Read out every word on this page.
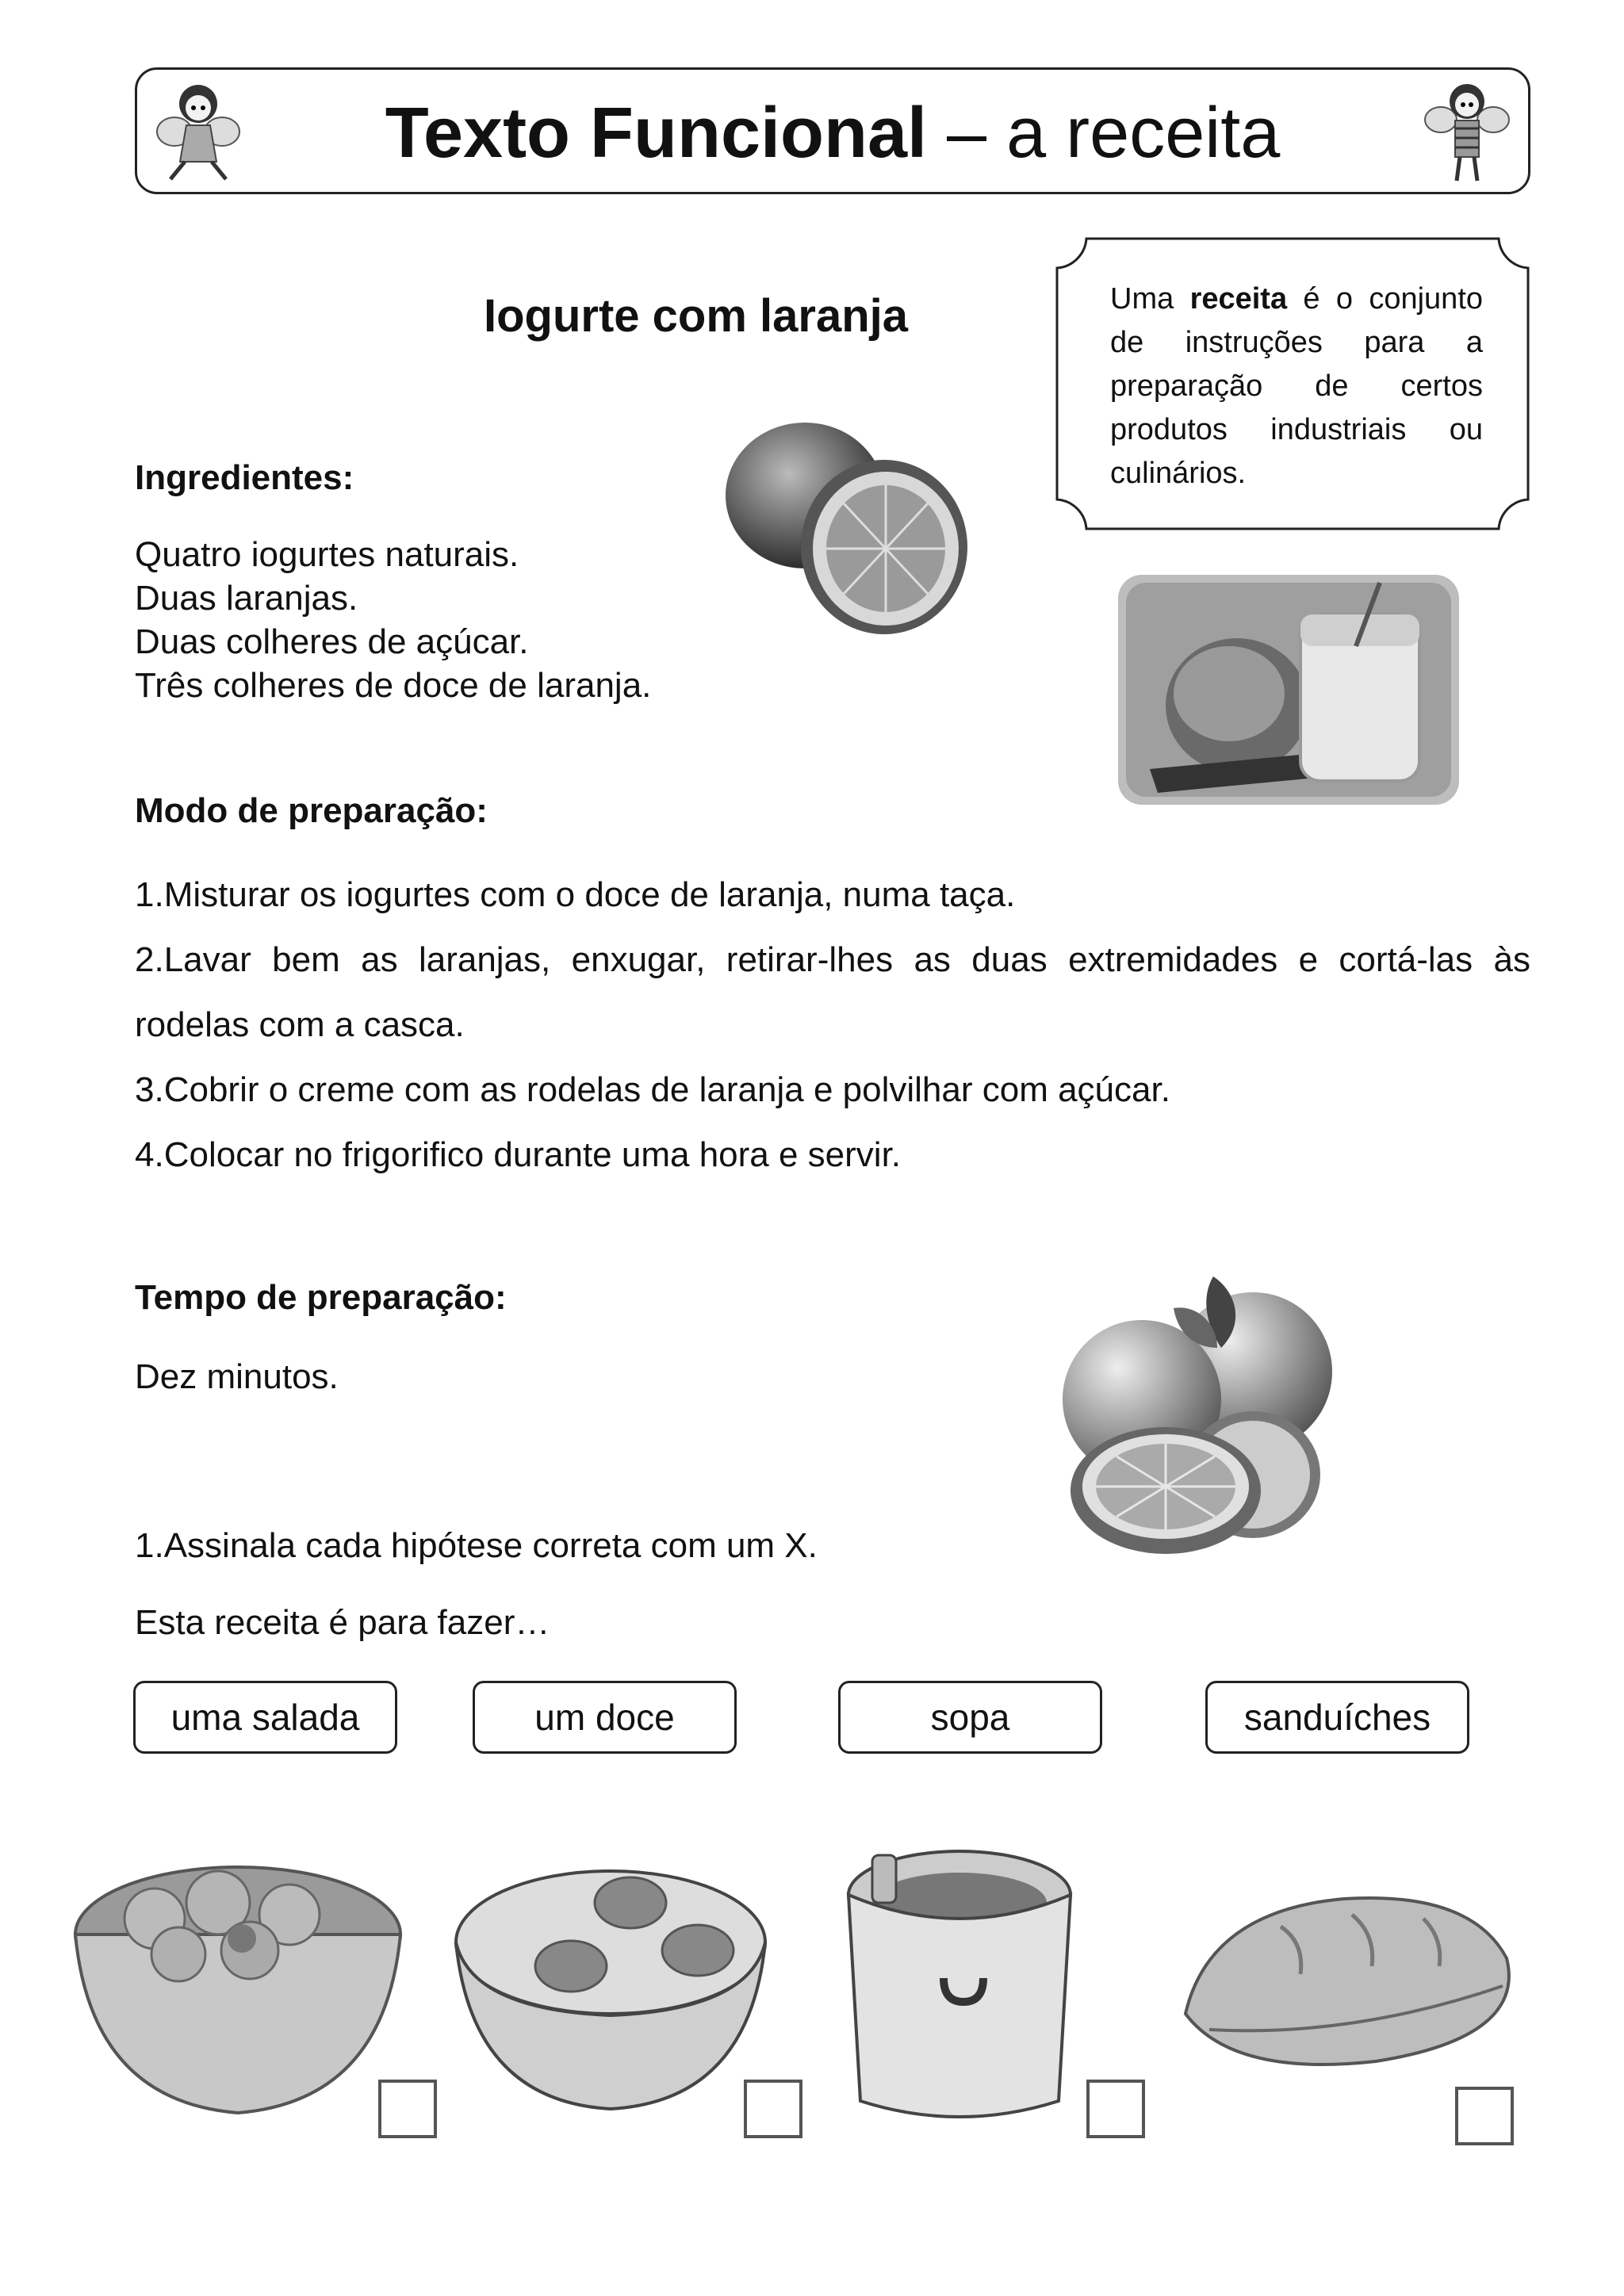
Texto Funcional – a receita
Iogurte com laranja	Uma receita é o conjunto de instruções para a preparação de certos produtos industriais ou culinários.
Ingredientes:
Quatro iogurtes naturais.
Duas laranjas.
Duas colheres de açúcar.
Três colheres de doce de laranja.
Modo de preparação:
1.Misturar os iogurtes com o doce de laranja, numa taça.
2.Lavar bem as laranjas, enxugar, retirar-lhes as duas extremidades e cortá-las às rodelas com a casca.
3.Cobrir o creme com as rodelas de laranja e polvilhar com açúcar.
4.Colocar no frigorifico durante uma hora e servir.
Tempo de preparação:
Dez minutos.
1.Assinala cada hipótese correta com um X.
Esta receita é para fazer…
uma salada	um doce	sopa	sanduíches
